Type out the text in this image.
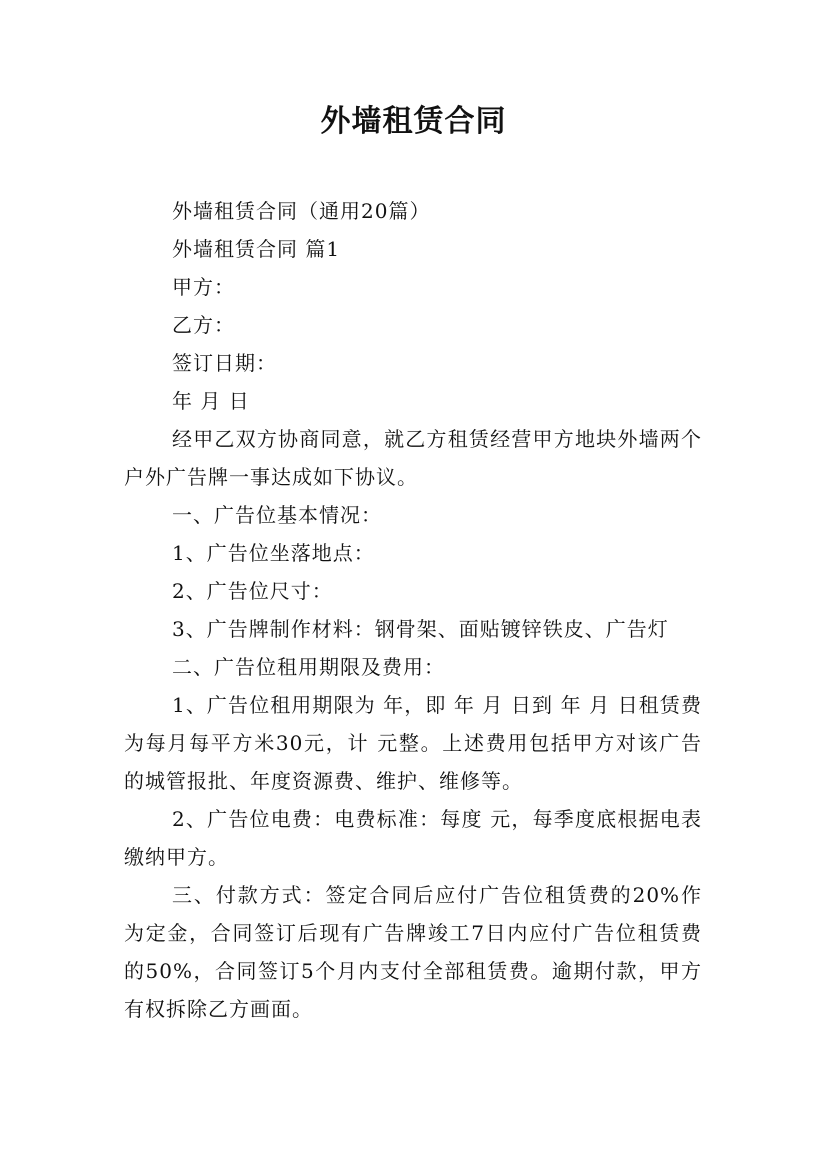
外墙租赁合同

外墙租赁合同（通用20篇）

外墙租赁合同 篇1

甲方：

乙方：

签订日期：

年 月 日

经甲乙双方协商同意，就乙方租赁经营甲方地块外墙两个户外广告牌一事达成如下协议。

一、广告位基本情况：

1、广告位坐落地点：

2、广告位尺寸：

3、广告牌制作材料：钢骨架、面贴镀锌铁皮、广告灯

二、广告位租用期限及费用：

1、广告位租用期限为 年，即 年 月 日到 年 月 日租赁费为每月每平方米30元，计 元整。上述费用包括甲方对该广告的城管报批、年度资源费、维护、维修等。

2、广告位电费：电费标准：每度 元，每季度底根据电表缴纳甲方。

三、付款方式：签定合同后应付广告位租赁费的20%作为定金，合同签订后现有广告牌竣工7日内应付广告位租赁费的50%，合同签订5个月内支付全部租赁费。逾期付款，甲方有权拆除乙方画面。
